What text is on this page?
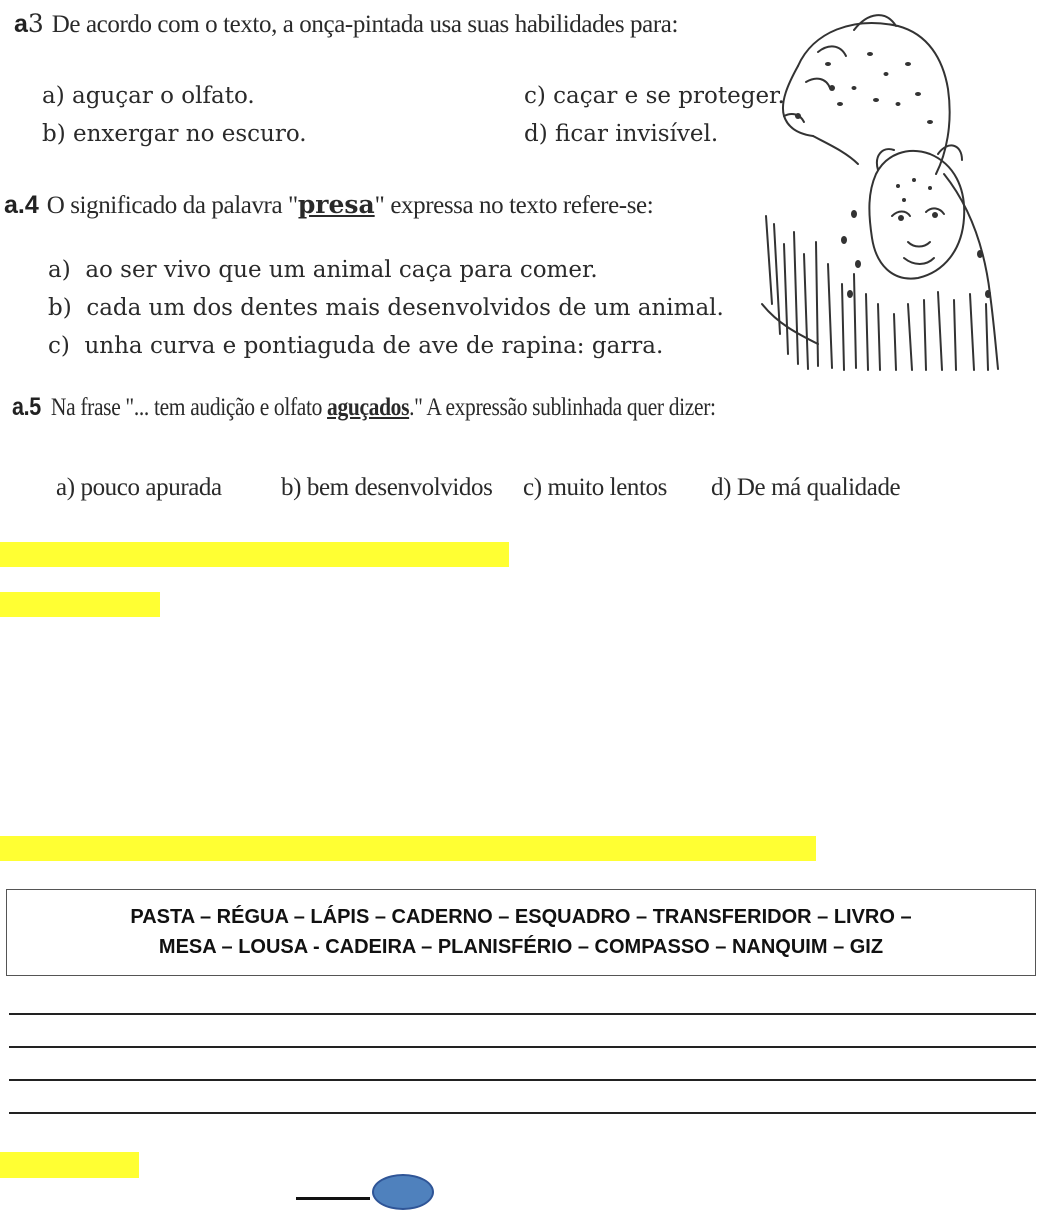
a3 De acordo com o texto, a onça-pintada usa suas habilidades para:
a) aguçar o olfato.
b) enxergar no escuro.
c) caçar e se proteger.
d) ficar invisível.
a.4 O significado da palavra "presa" expressa no texto refere-se:
a) ao ser vivo que um animal caça para comer.
b) cada um dos dentes mais desenvolvidos de um animal.
c) unha curva e pontiaguda de ave de rapina: garra.
a.5 Na frase "... tem audição e olfato aguçados." A expressão sublinhada quer dizer:
a) pouco apurada b) bem desenvolvidos c) muito lentos d) De má qualidade
PASTA – RÉGUA – LÁPIS – CADERNO – ESQUADRO – TRANSFERIDOR – LIVRO –
MESA – LOUSA - CADEIRA – PLANISFÉRIO – COMPASSO – NANQUIM – GIZ
